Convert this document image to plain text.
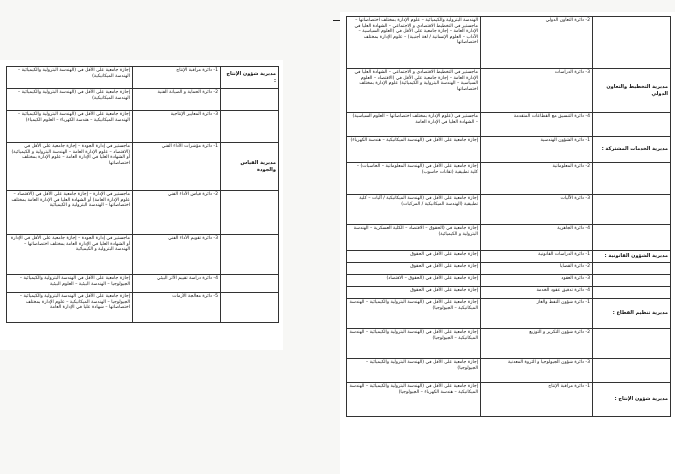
مديرية شؤون الإنتاج :	1- دائرة مراقبة الإنتاج	إجازة جامعية على الأقل في (الهندسة البترولية والكيميائية – الهندسة الميكانيكية)
	2- دائرة الحماية و الصيانة الفنية	إجازة جامعية على الأقل في (الهندسة البترولية والكيميائية – الهندسة الميكانيكية)
	3- دائرة المعايير الإنتاجية	إجازة جامعية على الأقل في (الهندسة البترولية والكيميائية – الهندسة الميكانيكية – هندسة الكهرباء – العلوم الكيمياء)
مديرية القياس والجودة	1- دائرة مؤشرات الأداء الفني	ماجستير في إدارة الجودة – إجازة جامعية على الأقل في (الاقتصاد – علوم الإدارة العامة – الهندسة البترولية و الكيميائية) أو الشهادة العليا في الإدارة العامة – علوم الإدارة بمختلف اختصاصاتها
	2- دائرة قياس الأداء الفني	ماجستير في الإدارة – إجازة جامعية على الأقل في (الاقتصاد – علوم الإدارة العامة) أو الشهادة العليا في الإدارة العامة بمختلف اختصاصاتها – الهندسة البترولية و الكيميائية
	3- دائرة تقويم الأداء الفني	ماجستير في إدارة الجودة – إجازة جامعية على الأقل في الإدارة أو الشهادة العليا في الإدارة العامة بمختلف اختصاصاتها – الهندسة البترولية و الكيميائية
	4- دائرة دراسة تقييم الأثر البيئي	إجازة جامعية على الأقل في الهندسة البترولية والكيميائية – الجيولوجيا – الهندسة البيئية – العلوم البيئية
	5- دائرة معالجة الأزمات	إجازة جامعية على الأقل في الهندسة البترولية والكيميائية – الجيولوجيا – الهندسة الميكانيكية – علوم الإدارة بمختلف اختصاصاتها – شهادة عليا في الإدارة العامة
	2- دائرة التعاون الدولي	الهندسة البترولية والكيميائية – علوم الإدارة بمختلف اختصاصاتها – ماجستير في التخطيط الاقتصادي و الاجتماعي – الشهادة العليا في الإدارة العامة – إجازة جامعية على الأقل في (العلوم السياسية – الآداب – العلوم الإنسانية / لغة أجنبية) – علوم الإدارة بمختلف اختصاصاتها
مديرية التخطيط والتعاون الدولي	3- دائرة الدراسات	ماجستير في التخطيط الاقتصادي و الاجتماعي – الشهادة العليا في الإدارة العامة – إجازة جامعية على الأقل في (الاقتصاد – العلوم السياسية – الهندسة البترولية و الكيميائية) علوم الإدارة بمختلف اختصاصاتها
	4- دائرة التنسيق مع القطاعات المتقدمة	ماجستير في (علوم الإدارة بمختلف اختصاصاتها – العلوم السياسية) – الشهادة العليا في الإدارة العامة
مديرية الخدمات المشتركة :	1- دائرة الشؤون الهندسية	إجازة جامعية على الأقل في (الهندسة الميكانيكية – هندسة الكهرباء)
	2- دائرة المعلوماتية	إجازة جامعية على الأقل في (الهندسة المعلوماتية – الحاسبات) – كلية تطبيقية (تقانات حاسوب)
	3- دائرة الآليات	إجازة جامعية على الأقل في (الهندسة الميكانيكية / آليات – كلية تطبيقية (الهندسة الميكانيكية / المركبات)
	4- دائرة الجاهزية	إجازة جامعية في (الحقوق – الاقتصاد – الكلية العسكرية – الهندسة البترولية و الكيميائية)
مديرية الشؤون القانونية :	1- دائرة الدراسات القانونية	إجازة جامعية على الأقل في الحقوق
	2- دائرة القضايا	إجازة جامعية على الأقل في الحقوق
	3- دائرة العقود	إجازة جامعية على الأقل في (الحقوق – الاقتصاد)
	4- دائرة تدقيق عقود الخدمة	إجازة جامعية على الأقل في الحقوق
مديرية تنظيم القطاع :	1- دائرة شؤون النفط والغاز	إجازة جامعية على الأقل في (الهندسة البترولية والكيميائية – الهندسة الميكانيكية – الجيولوجيا)
	2- دائرة شؤون التكرير و التوزيع	إجازة جامعية على الأقل في (الهندسة البترولية والكيميائية – الهندسة الميكانيكية – الجيولوجيا)
	3- دائرة شؤون الجيولوجيا و الثروة المعدنية	إجازة جامعية على الأقل في (الهندسة البترولية والكيميائية – الجيولوجيا)
مديرية شؤون الإنتاج :	1- دائرة مراقبة الإنتاج	إجازة جامعية على الأقل في (الهندسة البترولية والكيميائية – الهندسة الميكانيكية – هندسة الكهرباء – الجيولوجيا)
